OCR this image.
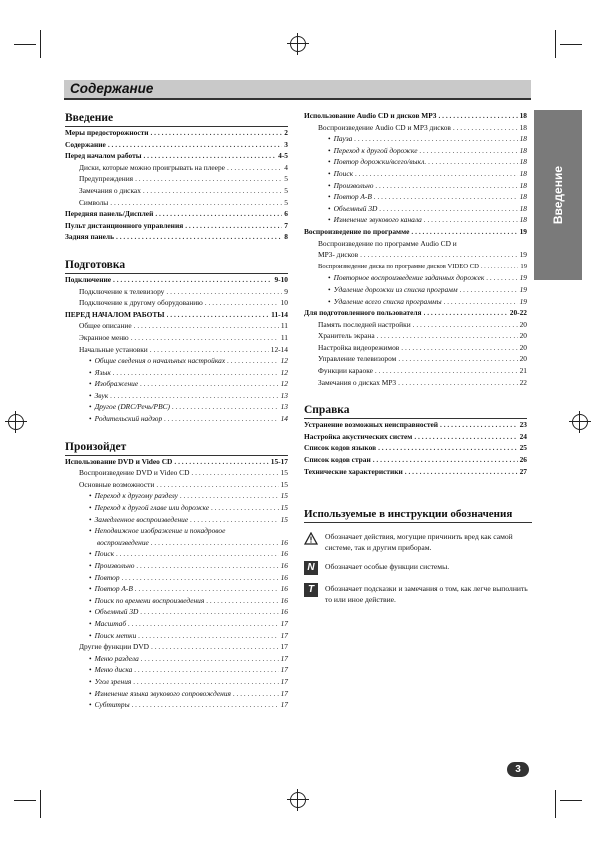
Содержание
Введение
Введение
Меры предосторожности . . .	2
Содержание . . .	3
Перед началом работы . . .	4-5
Диски, которые можно проигрывать на плеере . . .	4
Предупреждения . . .	5
Замечания о дисках . . .	5
Символы . . .	5
Передняя панель/Дисплей . . .	6
Пульт дистанционного управления . . .	7
Задняя панель . . .	8
Подготовка
Подключение . . .	9-10
Подключение к телевизору . . .	9
Подключение к другому оборудованию . . .	10
ПЕРЕД НАЧАЛОМ РАБОТЫ . . .	11-14
Общее описание . . .	11
Экранное меню . . .	11
Начальные установки . . .	12-14
• Общие сведения о начальных настройках . . .	12
• Язык . . .	12
• Изображение . . .	12
• Звук . . .	13
• Другое (DRC/Речь/PBC) . . .	13
• Родительский надзор . . .	14
Произойдет
Использование DVD и Video CD . . .	15-17
Воспроизведение DVD и Video CD . . .	15
Основные возможности . . .	15
• Переход к другому разделу . . .	15
• Переход к другой главе или дорожке . . .	15
• Замедленное воспроизведение . . .	15
• Неподвижное изображение и покадровое
воспроизведение . . .	16
• Поиск . . .	16
• Произвольно . . .	16
• Повтор . . .	16
• Повтор A-B . . .	16
• Поиск по времени воспроизведения . . .	16
• Объемный 3D . . .	16
• Масштаб . . .	17
• Поиск метки . . .	17
Другие функции DVD . . .	17
• Меню раздела . . .	17
• Меню диска . . .	17
• Угол зрения . . .	17
• Изменение языка звукового сопровождения . . .	17
• Субтитры . . .	17
Использование Audio CD и дисков MP3 . . .	18
Воспроизведение Audio CD и MP3 дисков . . .	18
• Пауза . . .	18
• Переход к другой дорожке . . .	18
• Повтор дорожки/всего/выкл. . . .	18
• Поиск . . .	18
• Произвольно . . .	18
• Повтор A-B . . .	18
• Объемный 3D . . .	18
• Изменение звукового канала . . .	18
Воспроизведение по программе . . .	19
Воспроизведение по программе Audio CD и
MP3- дисков . . .	19
Воспроизведение диска по программе дисков VIDEO CD . . .	19
• Повторное воспроизведение заданных дорожек . . .	19
• Удаление дорожки из списка программ . . .	19
• Удаление всего списка программы . . .	19
Для подготовленного пользователя . . .	20-22
Память последней настройки . . .	20
Хранитель экрана . . .	20
Настройка видеорежимов . . .	20
Управление телевизором . . .	20
Функции караоке . . .	21
Замечания о дисках MP3 . . .	22
Справка
Устранение возможных неисправностей . . .	23
Настройка акустических систем . . .	24
Список кодов языков . . .	25
Список кодов стран . . .	26
Технические характеристики . . .	27
Используемые в инструкции обозначения
Обозначает действия, могущие причинить вред как самой системе, так и другим приборам.
N	Обозначает особые функции системы.
T	Обозначает подсказки и замечания о том, как легче выполнить то или иное действие.
3
